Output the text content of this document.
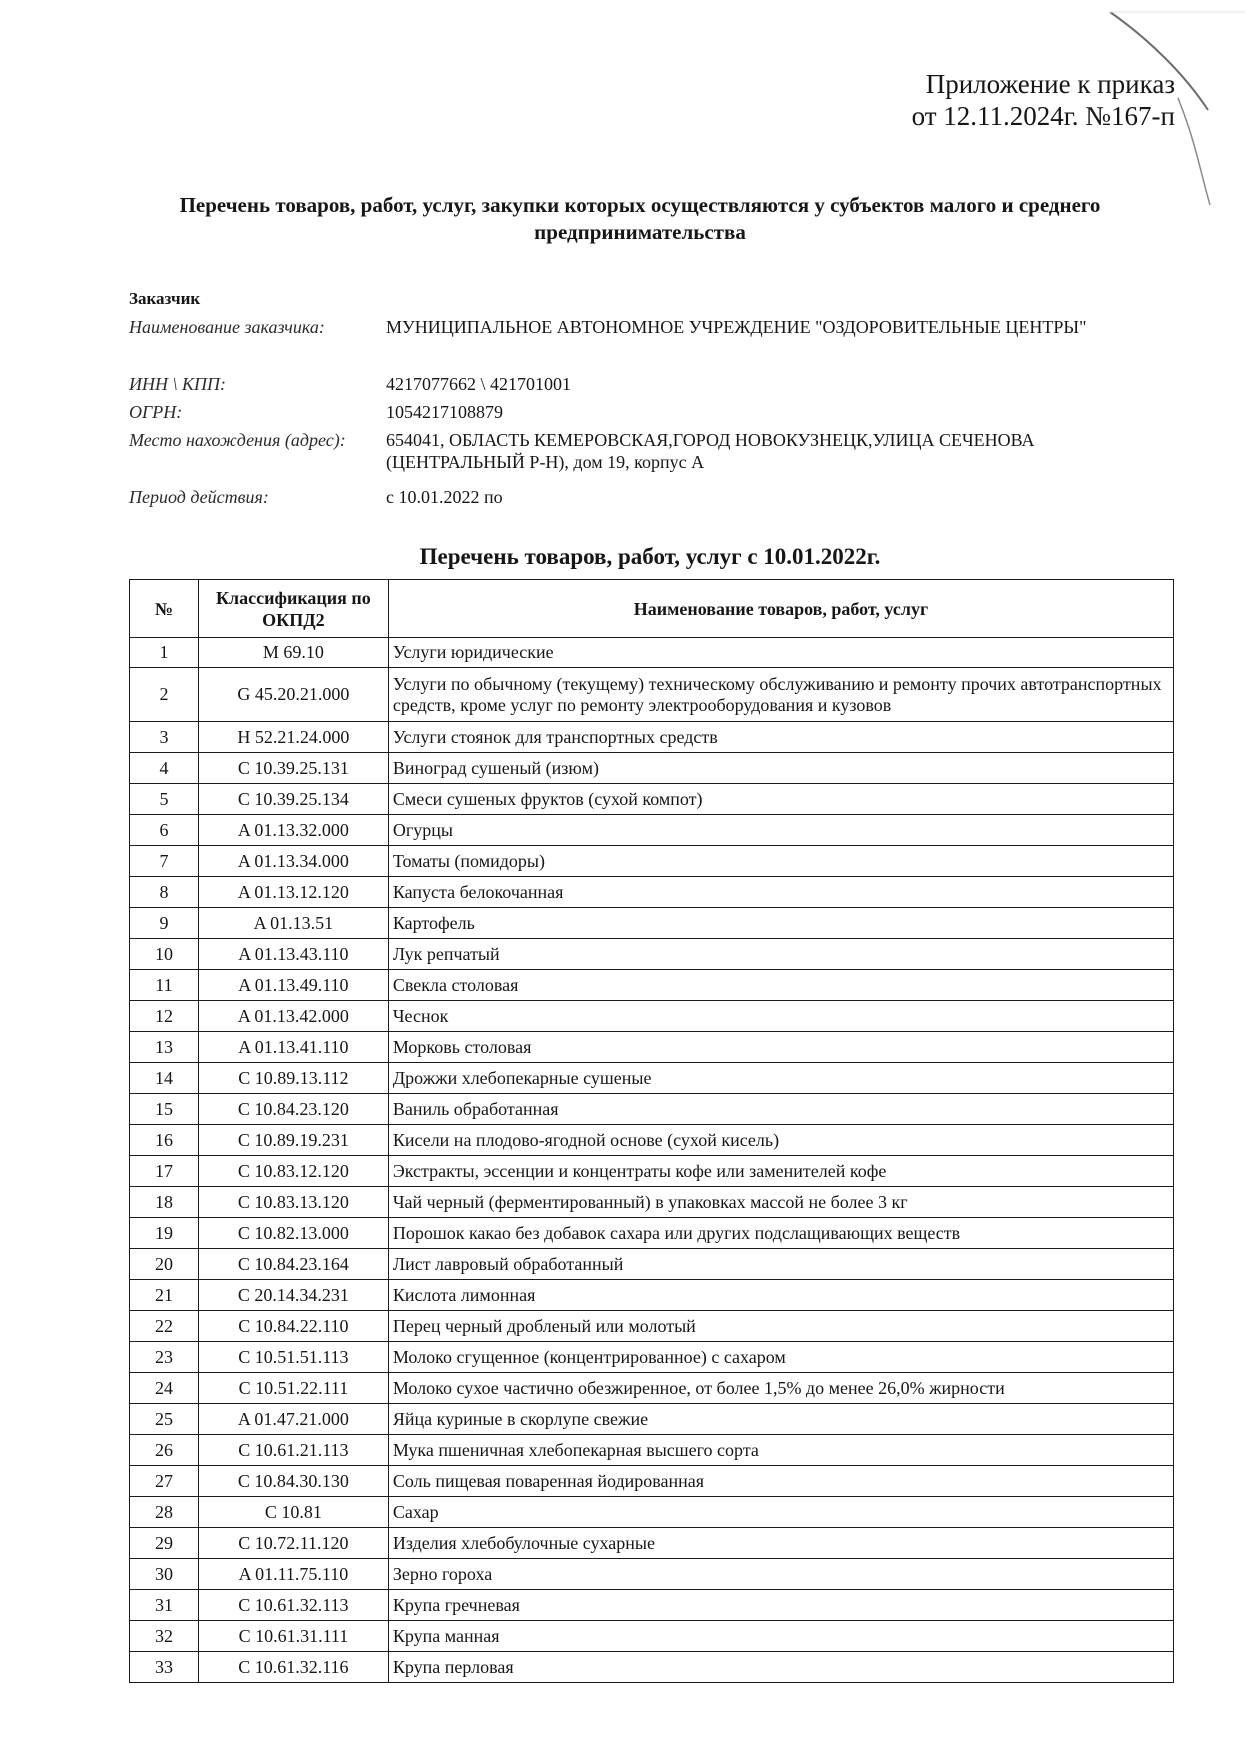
Приложение к приказ
от 12.11.2024г. №167-п
Перечень товаров, работ, услуг, закупки которых осуществляются у субъектов малого и среднего предпринимательства
Заказчик
Наименование заказчика:	МУНИЦИПАЛЬНОЕ АВТОНОМНОЕ УЧРЕЖДЕНИЕ "ОЗДОРОВИТЕЛЬНЫЕ ЦЕНТРЫ"
ИНН \ КПП:	4217077662 \ 421701001
ОГРН:	1054217108879
Место нахождения (адрес): 654041, ОБЛАСТЬ КЕМЕРОВСКАЯ,ГОРОД НОВОКУЗНЕЦК,УЛИЦА СЕЧЕНОВА (ЦЕНТРАЛЬНЫЙ Р-Н), дом 19, корпус А
Период действия:	с 10.01.2022 по
Перечень товаров, работ, услуг с 10.01.2022г.
№	Классификация по ОКПД2	Наименование товаров, работ, услуг
1	M 69.10	Услуги юридические
2	G 45.20.21.000	Услуги по обычному (текущему) техническому обслуживанию и ремонту прочих автотранспортных средств, кроме услуг по ремонту электрооборудования и кузовов
3	H 52.21.24.000	Услуги стоянок для транспортных средств
4	C 10.39.25.131	Виноград сушеный (изюм)
5	C 10.39.25.134	Смеси сушеных фруктов (сухой компот)
6	A 01.13.32.000	Огурцы
7	A 01.13.34.000	Томаты (помидоры)
8	A 01.13.12.120	Капуста белокочанная
9	A 01.13.51	Картофель
10	A 01.13.43.110	Лук репчатый
11	A 01.13.49.110	Свекла столовая
12	A 01.13.42.000	Чеснок
13	A 01.13.41.110	Морковь столовая
14	C 10.89.13.112	Дрожжи хлебопекарные сушеные
15	C 10.84.23.120	Ваниль обработанная
16	C 10.89.19.231	Кисели на плодово-ягодной основе (сухой кисель)
17	C 10.83.12.120	Экстракты, эссенции и концентраты кофе или заменителей кофе
18	C 10.83.13.120	Чай черный (ферментированный) в упаковках массой не более 3 кг
19	C 10.82.13.000	Порошок какао без добавок сахара или других подслащивающих веществ
20	C 10.84.23.164	Лист лавровый обработанный
21	C 20.14.34.231	Кислота лимонная
22	C 10.84.22.110	Перец черный дробленый или молотый
23	C 10.51.51.113	Молоко сгущенное (концентрированное) с сахаром
24	C 10.51.22.111	Молоко сухое частично обезжиренное, от более 1,5% до менее 26,0% жирности
25	A 01.47.21.000	Яйца куриные в скорлупе свежие
26	C 10.61.21.113	Мука пшеничная хлебопекарная высшего сорта
27	C 10.84.30.130	Соль пищевая поваренная йодированная
28	C 10.81	Сахар
29	C 10.72.11.120	Изделия хлебобулочные сухарные
30	A 01.11.75.110	Зерно гороха
31	C 10.61.32.113	Крупа гречневая
32	C 10.61.31.111	Крупа манная
33	C 10.61.32.116	Крупа перловая
